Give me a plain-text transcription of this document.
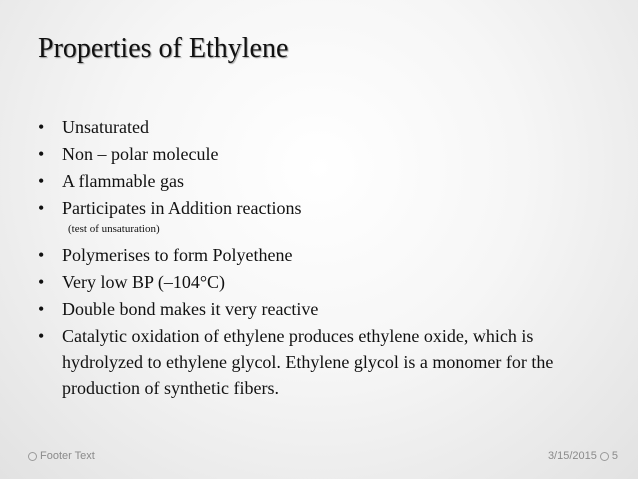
Properties of Ethylene
• Unsaturated
• Non – polar molecule
• A flammable gas
• Participates in Addition reactions
(test of unsaturation)
• Polymerises to form Polyethene
• Very low BP (–104°C)
• Double bond makes it very reactive
• Catalytic oxidation of ethylene produces ethylene oxide, which is hydrolyzed to ethylene glycol. Ethylene glycol is a monomer for the production of synthetic fibers.
Footer Text	3/15/2015 5
